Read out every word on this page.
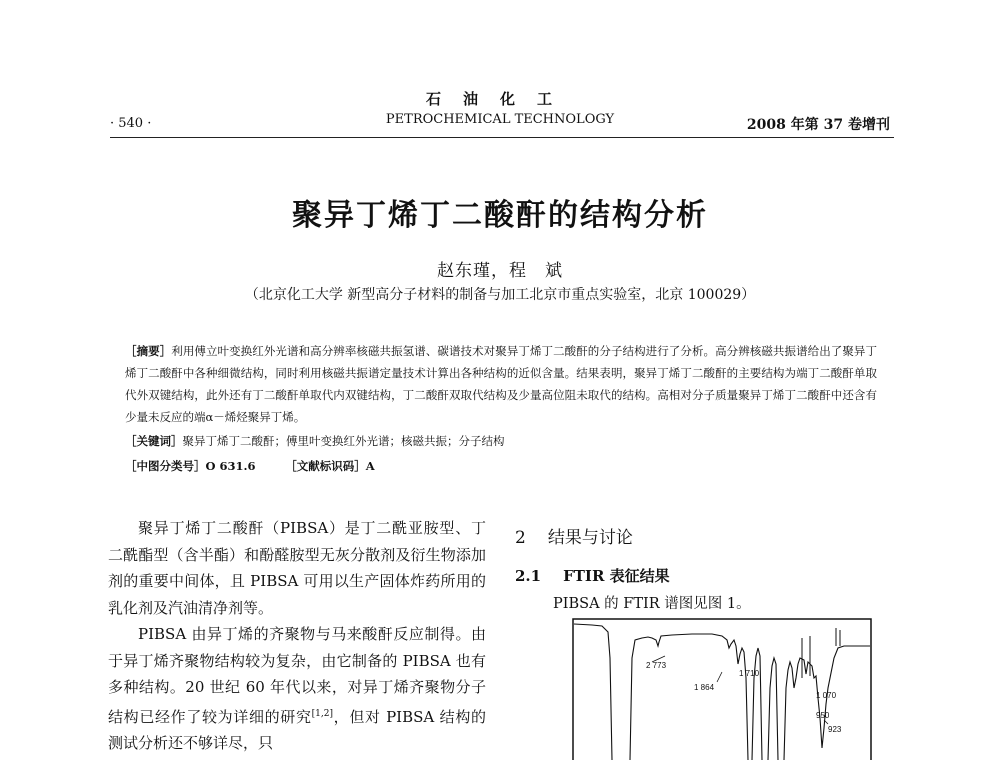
石油化工
PETROCHEMICAL TECHNOLOGY
· 540 ·	2008 年第 37 卷增刊
聚异丁烯丁二酸酐的结构分析
赵东瑾，程　斌
（北京化工大学 新型高分子材料的制备与加工北京市重点实验室，北京 100029）
［摘要］利用傅立叶变换红外光谱和高分辨率核磁共振氢谱、碳谱技术对聚异丁烯丁二酸酐的分子结构进行了分析。高分辨核磁共振谱给出了聚异丁烯丁二酸酐中各种细微结构，同时利用核磁共振谱定量技术计算出各种结构的近似含量。结果表明，聚异丁烯丁二酸酐的主要结构为端丁二酸酐单取代外双键结构，此外还有丁二酸酐单取代内双键结构，丁二酸酐双取代结构及少量高位阻未取代的结构。高相对分子质量聚异丁烯丁二酸酐中还含有少量未反应的端α－烯烃聚异丁烯。
［关键词］聚异丁烯丁二酸酐；傅里叶变换红外光谱；核磁共振；分子结构
［中图分类号］O 631.6	［文献标识码］A

聚异丁烯丁二酸酐（PIBSA）是丁二酰亚胺型、丁二酰酯型（含半酯）和酚醛胺型无灰分散剂及衍生物添加剂的重要中间体，且 PIBSA 可用以生产固体炸药所用的乳化剂及汽油清净剂等。

PIBSA 由异丁烯的齐聚物与马来酸酐反应制得。由于异丁烯齐聚物结构较为复杂，由它制备的 PIBSA 也有多种结构。20 世纪 60 年代以来，对异丁烯齐聚物分子结构已经作了较为详细的研究[1,2]，但对 PIBSA 结构的测试分析还不够详尽，只

2 结果与讨论
2.1 FTIR 表征结果
PIBSA 的 FTIR 谱图见图 1。
2 773
1 864
1 710
1 070
950
923
